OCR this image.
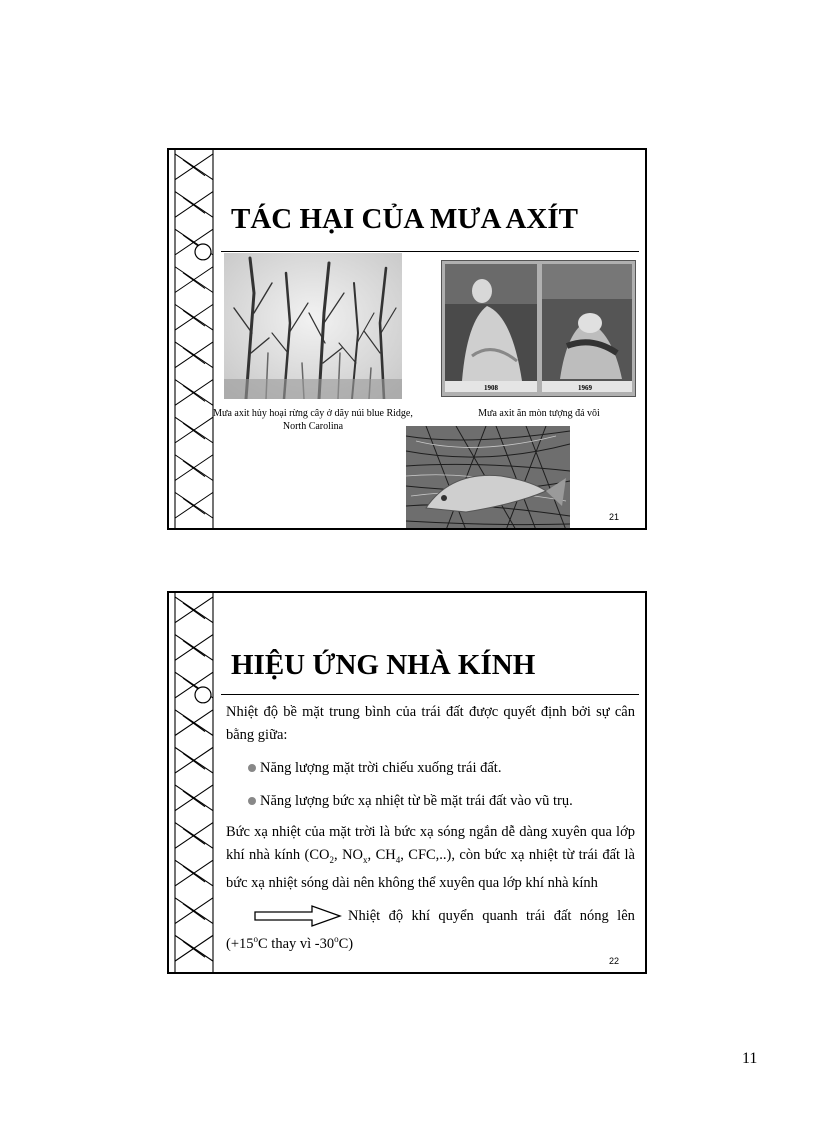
TÁC HẠI CỦA MƯA AXÍT
Mưa axit hủy hoại rừng cây ở dãy núi blue Ridge, North Carolina
1908	1969
Mưa axit ăn mòn tượng đá vôi
21
HIỆU ỨNG NHÀ KÍNH
Nhiệt độ bề mặt trung bình của trái đất được quyết định bởi sự cân bằng giữa:
Năng lượng mặt trời chiếu xuống trái đất.
Năng lượng bức xạ nhiệt từ bề mặt trái đất vào vũ trụ.
Bức xạ nhiệt của mặt trời là bức xạ sóng ngắn dễ dàng xuyên qua lớp khí nhà kính ($CO_2$, $NO_x$, $CH_4$, CFC,..), còn bức xạ nhiệt từ trái đất là bức xạ nhiệt sóng dài nên không thể xuyên qua lớp khí nhà kính
Nhiệt độ khí quyển quanh trái đất nóng lên
($+15^oC$ thay vì -30$^o$C)
22
11
